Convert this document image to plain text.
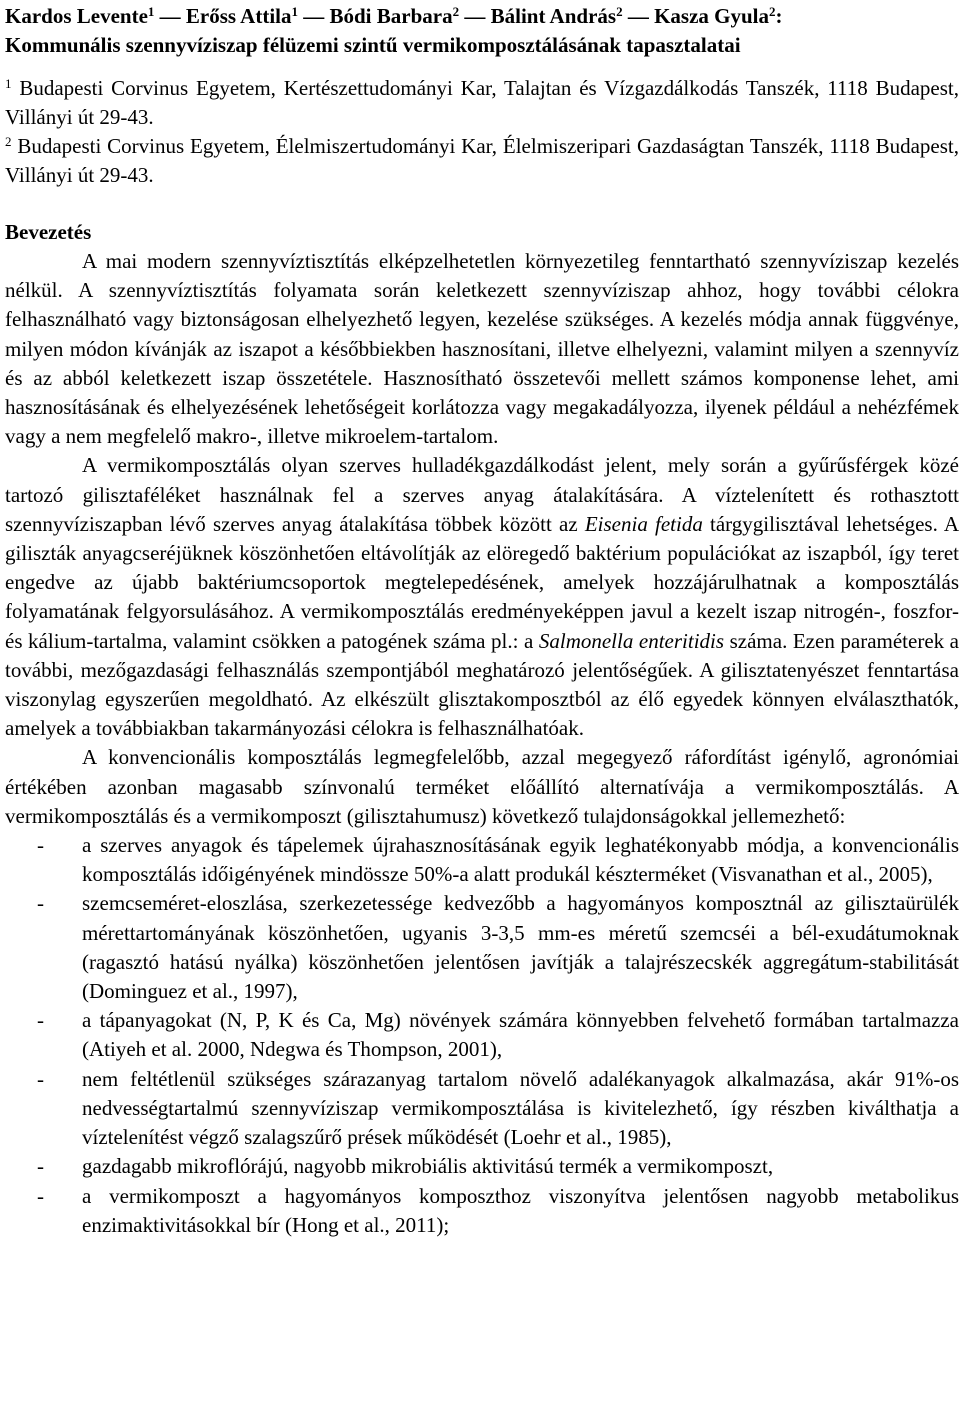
Kardos Levente$^1$ — Erőss Attila$^1$ — Bódi Barbara$^2$ — Bálint András$^2$ — Kasza Gyula$^2$:
Kommunális szennyvíziszap félüzemi szintű vermikomposztálásának tapasztalatai

$^1$ Budapesti Corvinus Egyetem, Kertészettudományi Kar, Talajtan és Vízgazdálkodás Tanszék, 1118 Budapest, Villányi út 29-43.

$^2$ Budapesti Corvinus Egyetem, Élelmiszertudományi Kar, Élelmiszeripari Gazdaságtan Tanszék, 1118 Budapest, Villányi út 29-43.

Bevezetés

A mai modern szennyvíztisztítás elképzelhetetlen környezetileg fenntartható szennyvíziszap kezelés nélkül. A szennyvíztisztítás folyamata során keletkezett szennyvíziszap ahhoz, hogy további célokra felhasználható vagy biztonságosan elhelyezhető legyen, kezelése szükséges. A kezelés módja annak függvénye, milyen módon kívánják az iszapot a későbbiekben hasznosítani, illetve elhelyezni, valamint milyen a szennyvíz és az abból keletkezett iszap összetétele. Hasznosítható összetevői mellett számos komponense lehet, ami hasznosításának és elhelyezésének lehetőségeit korlátozza vagy megakadályozza, ilyenek például a nehézfémek vagy a nem megfelelő makro-, illetve mikroelem-tartalom.

A vermikomposztálás olyan szerves hulladékgazdálkodást jelent, mely során a gyűrűsférgek közé tartozó gilisztaféléket használnak fel a szerves anyag átalakítására. A víztelenített és rothasztott szennyvíziszapban lévő szerves anyag átalakítása többek között az Eisenia fetida tárgygilisztával lehetséges. A giliszták anyagcseréjüknek köszönhetően eltávolítják az elöregedő baktérium populációkat az iszapból, így teret engedve az újabb baktériumcsoportok megtelepedésének, amelyek hozzájárulhatnak a komposztálás folyamatának felgyorsulásához. A vermikomposztálás eredményeképpen javul a kezelt iszap nitrogén-, foszfor- és kálium-tartalma, valamint csökken a patogének száma pl.: a Salmonella enteritidis száma. Ezen paraméterek a további, mezőgazdasági felhasználás szempontjából meghatározó jelentőségűek. A gilisztatenyészet fenntartása viszonylag egyszerűen megoldható. Az elkészült glisztakomposztból az élő egyedek könnyen elválaszthatók, amelyek a továbbiakban takarmányozási célokra is felhasználhatóak.

A konvencionális komposztálás legmegfelelőbb, azzal megegyező ráfordítást igénylő, agronómiai értékében azonban magasabb színvonalú terméket előállító alternatívája a vermikomposztálás. A vermikomposztálás és a vermikomposzt (gilisztahumusz) következő tulajdonságokkal jellemezhető:

- a szerves anyagok és tápelemek újrahasznosításának egyik leghatékonyabb módja, a konvencionális komposztálás időigényének mindössze 50%-a alatt produkál készterméket (Visvanathan et al., 2005),
- szemcseméret-eloszlása, szerkezetessége kedvezőbb a hagyományos komposztnál az gilisztaürülék mérettartományának köszönhetően, ugyanis 3-3,5 mm-es méretű szemcséi a bél-exudátumoknak (ragasztó hatású nyálka) köszönhetően jelentősen javítják a talajrészecskék aggregátum-stabilitását (Dominguez et al., 1997),
- a tápanyagokat (N, P, K és Ca, Mg) növények számára könnyebben felvehető formában tartalmazza (Atiyeh et al. 2000, Ndegwa és Thompson, 2001),
- nem feltétlenül szükséges szárazanyag tartalom növelő adalékanyagok alkalmazása, akár 91%-os nedvességtartalmú szennyvíziszap vermikomposztálása is kivitelezhető, így részben kiválthatja a víztelenítést végző szalagszűrő prések működését (Loehr et al., 1985),
- gazdagabb mikroflórájú, nagyobb mikrobiális aktivitású termék a vermikomposzt,
- a vermikomposzt a hagyományos komposzthoz viszonyítva jelentősen nagyobb metabolikus enzimaktivitásokkal bír (Hong et al., 2011);
